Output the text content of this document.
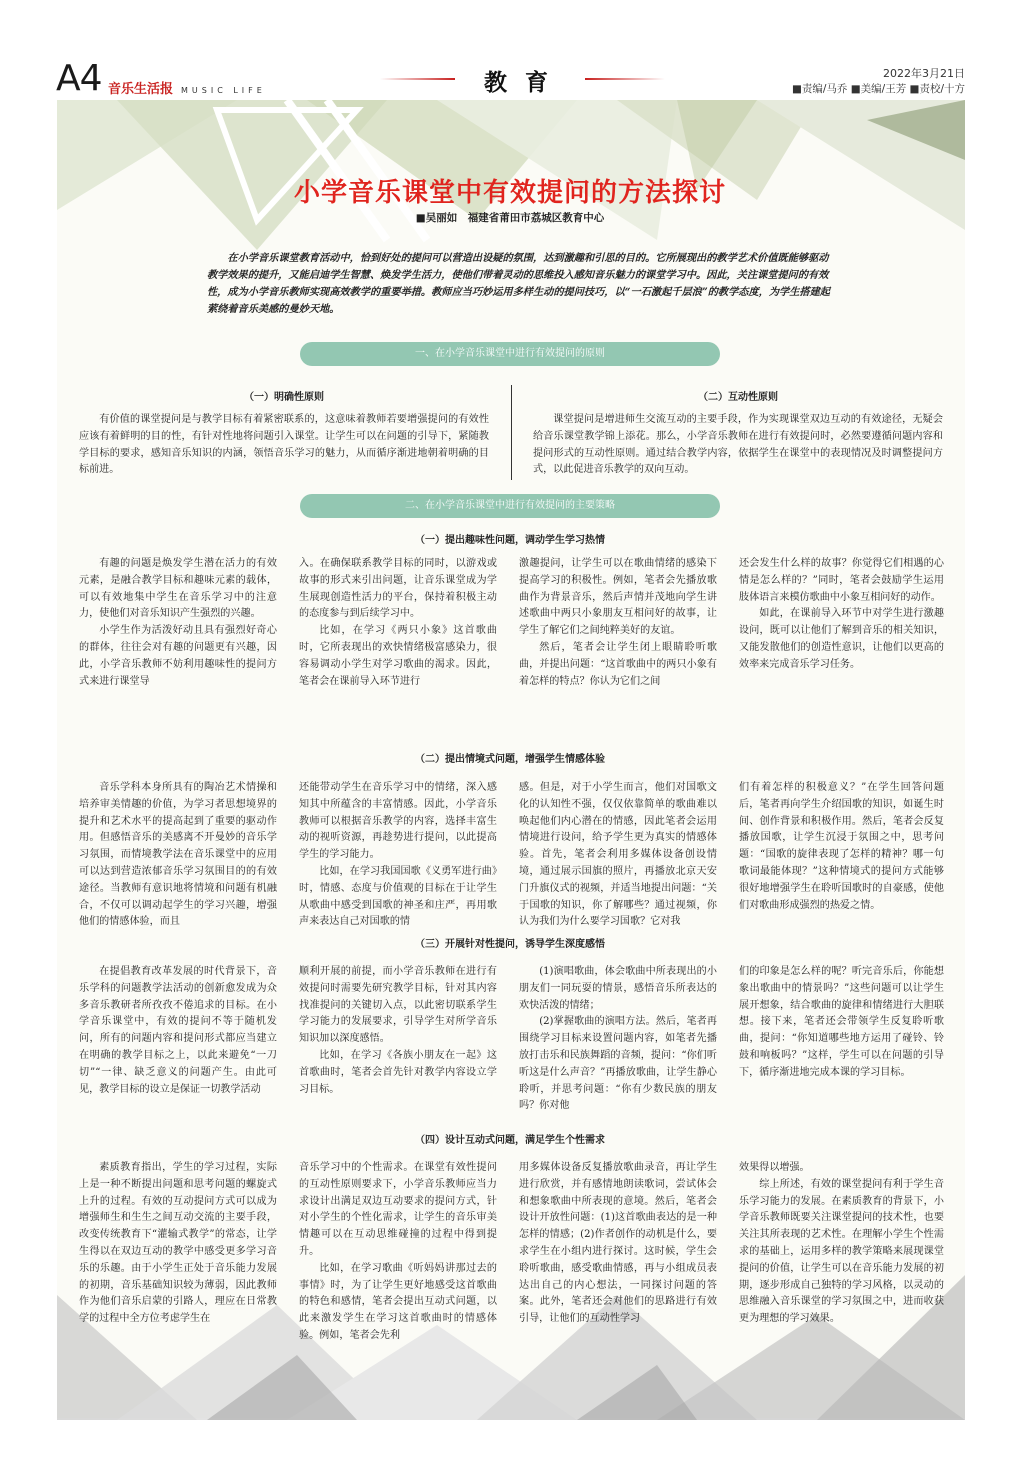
A4 音乐生活报 MUSIC LIFE	教育	2022年3月21日
■责编/马乔 ■美编/王芳 ■责校/十方
小学音乐课堂中有效提问的方法探讨
■吴丽如　福建省莆田市荔城区教育中心

在小学音乐课堂教育活动中，恰到好处的提问可以营造出设疑的氛围，达到激趣和引思的目的。它所展现出的教学艺术价值既能够驱动教学效果的提升，又能启迪学生智慧、焕发学生活力，使他们带着灵动的思维投入感知音乐魅力的课堂学习中。因此，关注课堂提问的有效性，成为小学音乐教师实现高效教学的重要举措。教师应当巧妙运用多样生动的提问技巧，以“一石激起千层浪”的教学态度，为学生搭建起萦绕着音乐美感的曼妙天地。

一、在小学音乐课堂中进行有效提问的原则
（一）明确性原则

有价值的课堂提问是与教学目标有着紧密联系的，这意味着教师若要增强提问的有效性应该有着鲜明的目的性，有针对性地将问题引入课堂。让学生可以在问题的引导下，紧随教学目标的要求，感知音乐知识的内涵，领悟音乐学习的魅力，从而循序渐进地朝着明确的目标前进。

（二）互动性原则

课堂提问是增进师生交流互动的主要手段，作为实现课堂双边互动的有效途径，无疑会给音乐课堂教学锦上添花。那么，小学音乐教师在进行有效提问时，必然要遵循问题内容和提问形式的互动性原则。通过结合教学内容，依据学生在课堂中的表现情况及时调整提问方式，以此促进音乐教学的双向互动。

二、在小学音乐课堂中进行有效提问的主要策略
（一）提出趣味性问题，调动学生学习热情

有趣的问题是焕发学生潜在活力的有效元素，是融合教学目标和趣味元素的载体，可以有效地集中学生在音乐学习中的注意力，使他们对音乐知识产生强烈的兴趣。

小学生作为活泼好动且具有强烈好奇心的群体，往往会对有趣的问题更有兴趣，因此，小学音乐教师不妨利用趣味性的提问方式来进行课堂导

入。在确保联系教学目标的同时，以游戏或故事的形式来引出问题，让音乐课堂成为学生展现创造性活力的平台，保持着积极主动的态度参与到后续学习中。

比如，在学习《两只小象》这首歌曲时，它所表现出的欢快情绪极富感染力，很容易调动小学生对学习歌曲的渴求。因此，笔者会在课前导入环节进行

激趣提问，让学生可以在歌曲情绪的感染下提高学习的积极性。例如，笔者会先播放歌曲作为背景音乐，然后声情并茂地向学生讲述歌曲中两只小象朋友互相问好的故事，让学生了解它们之间纯粹美好的友谊。

然后，笔者会让学生闭上眼睛聆听歌曲，并提出问题：“这首歌曲中的两只小象有着怎样的特点？你认为它们之间

还会发生什么样的故事？你觉得它们相遇的心情是怎么样的？”同时，笔者会鼓励学生运用肢体语言来模仿歌曲中小象互相问好的动作。

如此，在课前导入环节中对学生进行激趣设问，既可以让他们了解到音乐的相关知识，又能发散他们的创造性意识，让他们以更高的效率来完成音乐学习任务。

（二）提出情境式问题，增强学生情感体验

音乐学科本身所具有的陶冶艺术情操和培养审美情趣的价值，为学习者思想境界的提升和艺术水平的提高起到了重要的驱动作用。但感悟音乐的美感离不开曼妙的音乐学习氛围，而情境教学法在音乐课堂中的应用可以达到营造浓郁音乐学习氛围目的的有效途径。当教师有意识地将情境和问题有机融合，不仅可以调动起学生的学习兴趣，增强他们的情感体验，而且

还能带动学生在音乐学习中的情绪，深入感知其中所蕴含的丰富情感。因此，小学音乐教师可以根据音乐教学的内容，选择丰富生动的视听资源，再趁势进行提问，以此提高学生的学习能力。

比如，在学习我国国歌《义勇军进行曲》时，情感、态度与价值观的目标在于让学生从歌曲中感受到国歌的神圣和庄严，再用歌声来表达自己对国歌的情

感。但是，对于小学生而言，他们对国歌文化的认知性不强，仅仅依靠简单的歌曲难以唤起他们内心潜在的情感，因此笔者会运用情境进行设问，给予学生更为真实的情感体验。首先，笔者会利用多媒体设备创设情境，通过展示国旗的照片，再播放北京天安门升旗仪式的视频，并适当地提出问题：“关于国歌的知识，你了解哪些？通过视频，你认为我们为什么要学习国歌？它对我

们有着怎样的积极意义？”在学生回答问题后，笔者再向学生介绍国歌的知识，如诞生时间、创作背景和积极作用。然后，笔者会反复播放国歌，让学生沉浸于氛围之中，思考问题：“国歌的旋律表现了怎样的精神？哪一句歌词最能体现？”这种情境式的提问方式能够很好地增强学生在聆听国歌时的自豪感，使他们对歌曲形成强烈的热爱之情。

（三）开展针对性提问，诱导学生深度感悟

在提倡教育改革发展的时代背景下，音乐学科的问题教学法活动的创新愈发成为众多音乐教研者所孜孜不倦追求的目标。在小学音乐课堂中，有效的提问不等于随机发问，所有的问题内容和提问形式都应当建立在明确的教学目标之上，以此来避免“一刀切”“一律、缺乏意义的问题产生。由此可见，教学目标的设立是保证一切教学活动

顺利开展的前提，而小学音乐教师在进行有效提问时需要先研究教学目标，针对其内容找准提问的关键切入点，以此密切联系学生学习能力的发展要求，引导学生对所学音乐知识加以深度感悟。

比如，在学习《各族小朋友在一起》这首歌曲时，笔者会首先针对教学内容设立学习目标。

(1)演唱歌曲，体会歌曲中所表现出的小朋友们一同玩耍的情景，感悟音乐所表达的欢快活泼的情绪；

(2)掌握歌曲的演唱方法。然后，笔者再围绕学习目标来设置问题内容，如笔者先播放打击乐和民族舞蹈的音频，提问：“你们听听这是什么声音？”再播放歌曲，让学生静心聆听，并思考问题：“你有少数民族的朋友吗？你对他

们的印象是怎么样的呢？听完音乐后，你能想象出歌曲中的情景吗？”这些问题可以让学生展开想象，结合歌曲的旋律和情绪进行大胆联想。接下来，笔者还会带领学生反复聆听歌曲，提问：“你知道哪些地方运用了碰铃、铃鼓和响板吗？”这样，学生可以在问题的引导下，循序渐进地完成本课的学习目标。

（四）设计互动式问题，满足学生个性需求

素质教育指出，学生的学习过程，实际上是一种不断提出问题和思考问题的螺旋式上升的过程。有效的互动提问方式可以成为增强师生和生生之间互动交流的主要手段，改变传统教育下“灌输式教学”的常态，让学生得以在双边互动的教学中感受更多学习音乐的乐趣。由于小学生正处于音乐能力发展的初期，音乐基础知识较为薄弱，因此教师作为他们音乐启蒙的引路人，理应在日常教学的过程中全方位考虑学生在

音乐学习中的个性需求。在课堂有效性提问的互动性原则要求下，小学音乐教师应当力求设计出满足双边互动要求的提问方式，针对小学生的个性化需求，让学生的音乐审美情趣可以在互动思维碰撞的过程中得到提升。

比如，在学习歌曲《听妈妈讲那过去的事情》时，为了让学生更好地感受这首歌曲的特色和感情，笔者会提出互动式问题，以此来激发学生在学习这首歌曲时的情感体验。例如，笔者会先利

用多媒体设备反复播放歌曲录音，再让学生进行欣赏，并有感情地朗读歌词，尝试体会和想象歌曲中所表现的意境。然后，笔者会设计开放性问题：(1)这首歌曲表达的是一种怎样的情感；(2)作者创作的动机是什么，要求学生在小组内进行探讨。这时候，学生会聆听歌曲，感受歌曲情感，再与小组成员表达出自己的内心想法，一同探讨问题的答案。此外，笔者还会对他们的思路进行有效引导，让他们的互动性学习

效果得以增强。

综上所述，有效的课堂提问有利于学生音乐学习能力的发展。在素质教育的背景下，小学音乐教师既要关注课堂提问的技术性，也要关注其所表现的艺术性。在理解小学生个性需求的基础上，运用多样的教学策略来展现课堂提问的价值，让学生可以在音乐能力发展的初期，逐步形成自己独特的学习风格，以灵动的思维融入音乐课堂的学习氛围之中，进而收获更为理想的学习效果。
